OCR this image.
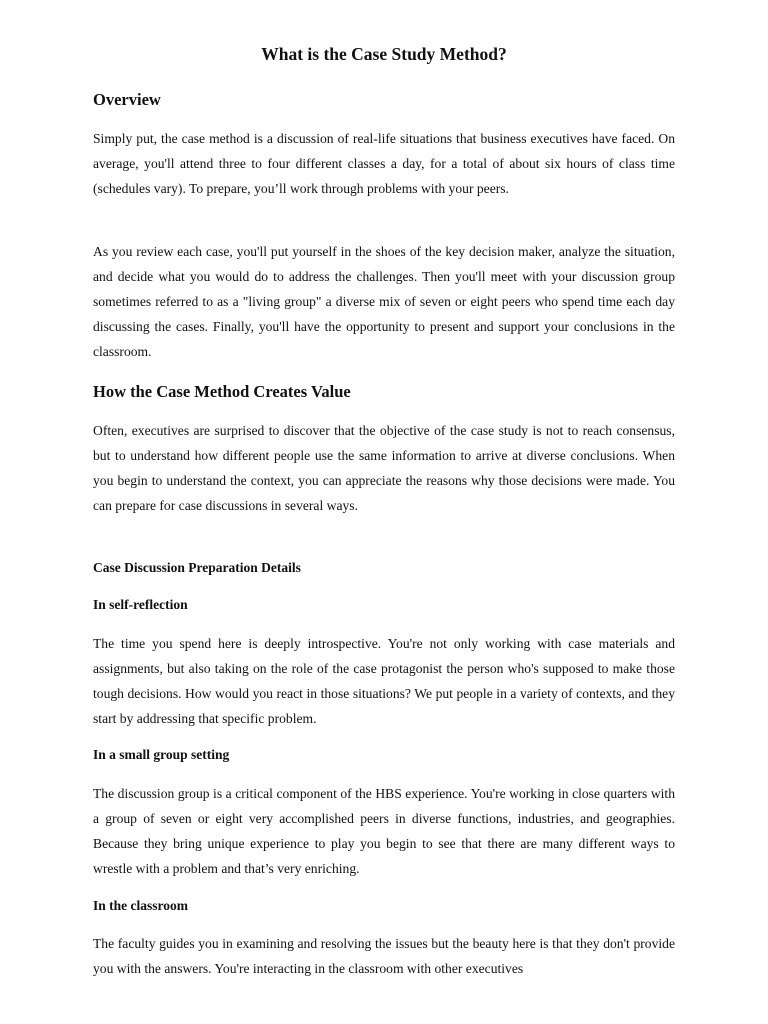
What is the Case Study Method?
Overview

Simply put, the case method is a discussion of real-life situations that business executives have faced. On average, you'll attend three to four different classes a day, for a total of about six hours of class time (schedules vary). To prepare, you’ll work through problems with your peers.

As you review each case, you'll put yourself in the shoes of the key decision maker, analyze the situation, and decide what you would do to address the challenges. Then you'll meet with your discussion group sometimes referred to as a "living group" a diverse mix of seven or eight peers who spend time each day discussing the cases. Finally, you'll have the opportunity to present and support your conclusions in the classroom.

How the Case Method Creates Value

Often, executives are surprised to discover that the objective of the case study is not to reach consensus, but to understand how different people use the same information to arrive at diverse conclusions. When you begin to understand the context, you can appreciate the reasons why those decisions were made. You can prepare for case discussions in several ways.

Case Discussion Preparation Details
In self-reflection

The time you spend here is deeply introspective. You're not only working with case materials and assignments, but also taking on the role of the case protagonist the person who's supposed to make those tough decisions. How would you react in those situations? We put people in a variety of contexts, and they start by addressing that specific problem.

In a small group setting

The discussion group is a critical component of the HBS experience. You're working in close quarters with a group of seven or eight very accomplished peers in diverse functions, industries, and geographies. Because they bring unique experience to play you begin to see that there are many different ways to wrestle with a problem and that’s very enriching.

In the classroom

The faculty guides you in examining and resolving the issues but the beauty here is that they don't provide you with the answers. You're interacting in the classroom with other executives
